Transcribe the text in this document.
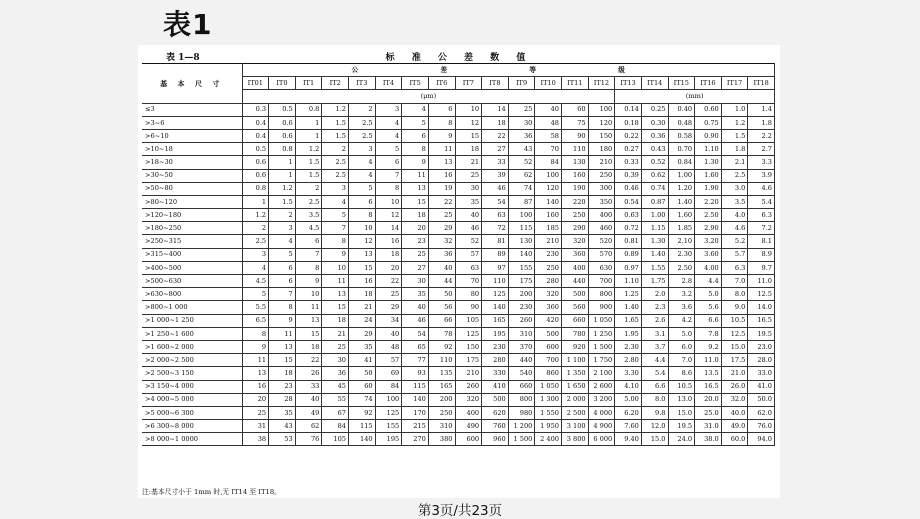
表1
表 1—8	标 准 公 差 数 值
基 本 尺 寸	公 差 等 级																			
	IT01	IT0	IT1	IT2	IT3	IT4	IT5	IT6	IT7	IT8	IT9	IT10	IT11	IT12	IT13	IT14	IT15	IT16	IT17	IT18
	(μm)														(mm)					
≤3	0.3	0.5	0.8	1.2	2	3	4	6	10	14	25	40	60	100	0.14	0.25	0.40	0.60	1.0	1.4
>3~6	0.4	0.6	1	1.5	2.5	4	5	8	12	18	30	48	75	120	0.18	0.30	0.48	0.75	1.2	1.8
>6~10	0.4	0.6	1	1.5	2.5	4	6	9	15	22	36	58	90	150	0.22	0.36	0.58	0.90	1.5	2.2
>10~18	0.5	0.8	1.2	2	3	5	8	11	18	27	43	70	110	180	0.27	0.43	0.70	1.10	1.8	2.7
>18~30	0.6	1	1.5	2.5	4	6	9	13	21	33	52	84	130	210	0.33	0.52	0.84	1.30	2.1	3.3
>30~50	0.6	1	1.5	2.5	4	7	11	16	25	39	62	100	160	250	0.39	0.62	1.00	1.60	2.5	3.9
>50~80	0.8	1.2	2	3	5	8	13	19	30	46	74	120	190	300	0.46	0.74	1.20	1.90	3.0	4.6
>80~120	1	1.5	2.5	4	6	10	15	22	35	54	87	140	220	350	0.54	0.87	1.40	2.20	3.5	5.4
>120~180	1.2	2	3.5	5	8	12	18	25	40	63	100	160	250	400	0.63	1.00	1.60	2.50	4.0	6.3
>180~250	2	3	4.5	7	10	14	20	29	46	72	115	185	290	460	0.72	1.15	1.85	2.90	4.6	7.2
>250~315	2.5	4	6	8	12	16	23	32	52	81	130	210	320	520	0.81	1.30	2.10	3.20	5.2	8.1
>315~400	3	5	7	9	13	18	25	36	57	89	140	230	360	570	0.89	1.40	2.30	3.60	5.7	8.9
>400~500	4	6	8	10	15	20	27	40	63	97	155	250	400	630	0.97	1.55	2.50	4.00	6.3	9.7
>500~630	4.5	6	9	11	16	22	30	44	70	110	175	280	440	700	1.10	1.75	2.8	4.4	7.0	11.0
>630~800	5	7	10	13	18	25	35	50	80	125	200	320	500	800	1.25	2.0	3.2	5.0	8.0	12.5
>800~1 000	5.5	8	11	15	21	29	40	56	90	140	230	360	560	900	1.40	2.3	3.6	5.6	9.0	14.0
>1 000~1 250	6.5	9	13	18	24	34	46	66	105	165	260	420	660	1 050	1.65	2.6	4.2	6.6	10.5	16.5
>1 250~1 600	8	11	15	21	29	40	54	78	125	195	310	500	780	1 250	1.95	3.1	5.0	7.8	12.5	19.5
>1 600~2 000	9	13	18	25	35	48	65	92	150	230	370	600	920	1 500	2.30	3.7	6.0	9.2	15.0	23.0
>2 000~2 500	11	15	22	30	41	57	77	110	175	280	440	700	1 100	1 750	2.80	4.4	7.0	11.0	17.5	28.0
>2 500~3 150	13	18	26	36	50	69	93	135	210	330	540	860	1 350	2 100	3.30	5.4	8.6	13.5	21.0	33.0
>3 150~4 000	16	23	33	45	60	84	115	165	260	410	660	1 050	1 650	2 600	4.10	6.6	10.5	16.5	26.0	41.0
>4 000~5 000	20	28	40	55	74	100	140	200	320	500	800	1 300	2 000	3 200	5.00	8.0	13.0	20.0	32.0	50.0
>5 000~6 300	25	35	49	67	92	125	170	250	400	620	980	1 550	2 500	4 000	6.20	9.8	15.0	25.0	40.0	62.0
>6 300~8 000	31	43	62	84	115	155	215	310	490	760	1 200	1 950	3 100	4 900	7.60	12.0	19.5	31.0	49.0	76.0
>8 000~1 0000	38	53	76	105	140	195	270	380	600	960	1 500	2 400	3 800	6 000	9.40	15.0	24.0	38.0	60.0	94.0
注:基本尺寸小于 1mm 时,无 IT14 至 IT18。
第3页/共23页
